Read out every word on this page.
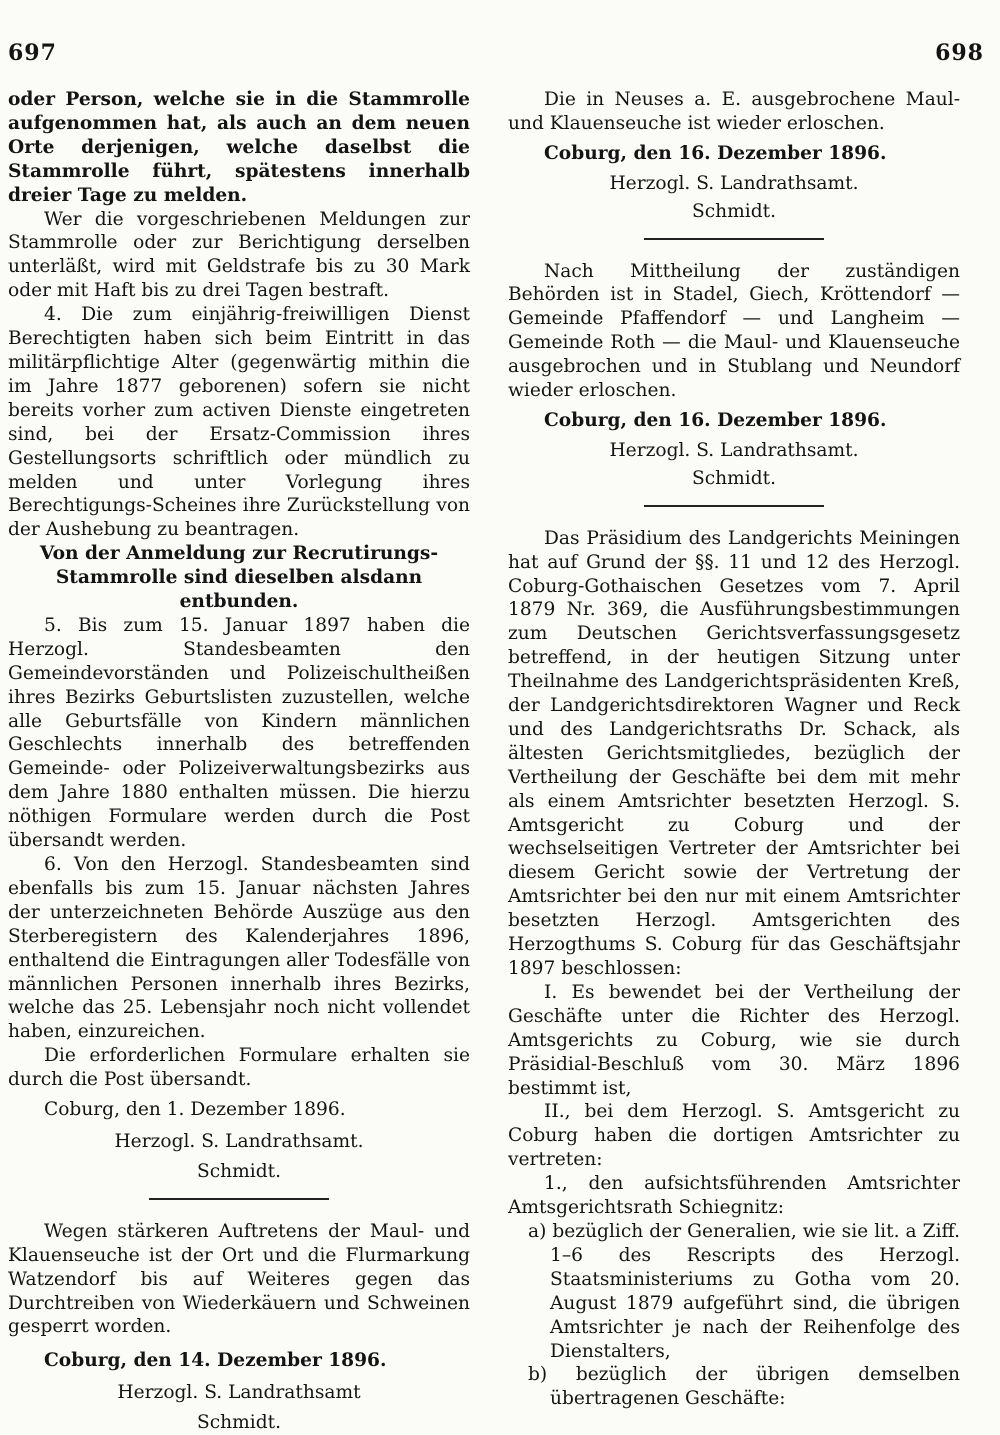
697	698

oder Person, welche sie in die Stammrolle aufgenommen hat, als auch an dem neuen Orte derjenigen, welche daselbst die Stammrolle führt, spätestens innerhalb dreier Tage zu melden.

Wer die vorgeschriebenen Meldungen zur Stammrolle oder zur Berichtigung derselben unterläßt, wird mit Geldstrafe bis zu 30 Mark oder mit Haft bis zu drei Tagen bestraft.

4. Die zum einjährig-freiwilligen Dienst Berechtigten haben sich beim Eintritt in das militärpflichtige Alter (gegenwärtig mithin die im Jahre 1877 geborenen) sofern sie nicht bereits vorher zum activen Dienste eingetreten sind, bei der Ersatz-Commission ihres Gestellungsorts schriftlich oder mündlich zu melden und unter Vorlegung ihres Berechtigungs-Scheines ihre Zurückstellung von der Aushebung zu beantragen.

Von der Anmeldung zur Recrutirungs-Stammrolle sind dieselben alsdann entbunden.

5. Bis zum 15. Januar 1897 haben die Herzogl. Standesbeamten den Gemeindevorständen und Polizeischultheißen ihres Bezirks Geburtslisten zuzustellen, welche alle Geburtsfälle von Kindern männlichen Geschlechts innerhalb des betreffenden Gemeinde- oder Polizeiverwaltungsbezirks aus dem Jahre 1880 enthalten müssen. Die hierzu nöthigen Formulare werden durch die Post übersandt werden.

6. Von den Herzogl. Standesbeamten sind ebenfalls bis zum 15. Januar nächsten Jahres der unterzeichneten Behörde Auszüge aus den Sterberegistern des Kalenderjahres 1896, enthaltend die Eintragungen aller Todesfälle von männlichen Personen innerhalb ihres Bezirks, welche das 25. Lebensjahr noch nicht vollendet haben, einzureichen.

Die erforderlichen Formulare erhalten sie durch die Post übersandt.

Coburg, den 1. Dezember 1896.

Herzogl. S. Landrathsamt.

Schmidt.

Wegen stärkeren Auftretens der Maul- und Klauenseuche ist der Ort und die Flurmarkung Watzendorf bis auf Weiteres gegen das Durchtreiben von Wiederkäuern und Schweinen gesperrt worden.

Coburg, den 14. Dezember 1896.

Herzogl. S. Landrathsamt

Schmidt.

Die in Neuses a. E. ausgebrochene Maul- und Klauenseuche ist wieder erloschen.

Coburg, den 16. Dezember 1896.

Herzogl. S. Landrathsamt.

Schmidt.

Nach Mittheilung der zuständigen Behörden ist in Stadel, Giech, Kröttendorf — Gemeinde Pfaffendorf — und Langheim — Gemeinde Roth — die Maul- und Klauenseuche ausgebrochen und in Stublang und Neundorf wieder erloschen.

Coburg, den 16. Dezember 1896.

Herzogl. S. Landrathsamt.

Schmidt.

Das Präsidium des Landgerichts Meiningen hat auf Grund der §§. 11 und 12 des Herzogl. Coburg-Gothaischen Gesetzes vom 7. April 1879 Nr. 369, die Ausführungsbestimmungen zum Deutschen Gerichtsverfassungsgesetz betreffend, in der heutigen Sitzung unter Theilnahme des Landgerichtspräsidenten Kreß, der Landgerichtsdirektoren Wagner und Reck und des Landgerichtsraths Dr. Schack, als ältesten Gerichtsmitgliedes, bezüglich der Vertheilung der Geschäfte bei dem mit mehr als einem Amtsrichter besetzten Herzogl. S. Amtsgericht zu Coburg und der wechselseitigen Vertreter der Amtsrichter bei diesem Gericht sowie der Vertretung der Amtsrichter bei den nur mit einem Amtsrichter besetzten Herzogl. Amtsgerichten des Herzogthums S. Coburg für das Geschäftsjahr 1897 beschlossen:

I. Es bewendet bei der Vertheilung der Geschäfte unter die Richter des Herzogl. Amtsgerichts zu Coburg, wie sie durch Präsidial-Beschluß vom 30. März 1896 bestimmt ist,

II., bei dem Herzogl. S. Amtsgericht zu Coburg haben die dortigen Amtsrichter zu vertreten:

1., den aufsichtsführenden Amtsrichter Amtsgerichtsrath Schiegnitz:

a) bezüglich der Generalien, wie sie lit. a Ziff. 1–6 des Rescripts des Herzogl. Staatsministeriums zu Gotha vom 20. August 1879 aufgeführt sind, die übrigen Amtsrichter je nach der Reihenfolge des Dienstalters,

b) bezüglich der übrigen demselben übertragenen Geschäfte:
